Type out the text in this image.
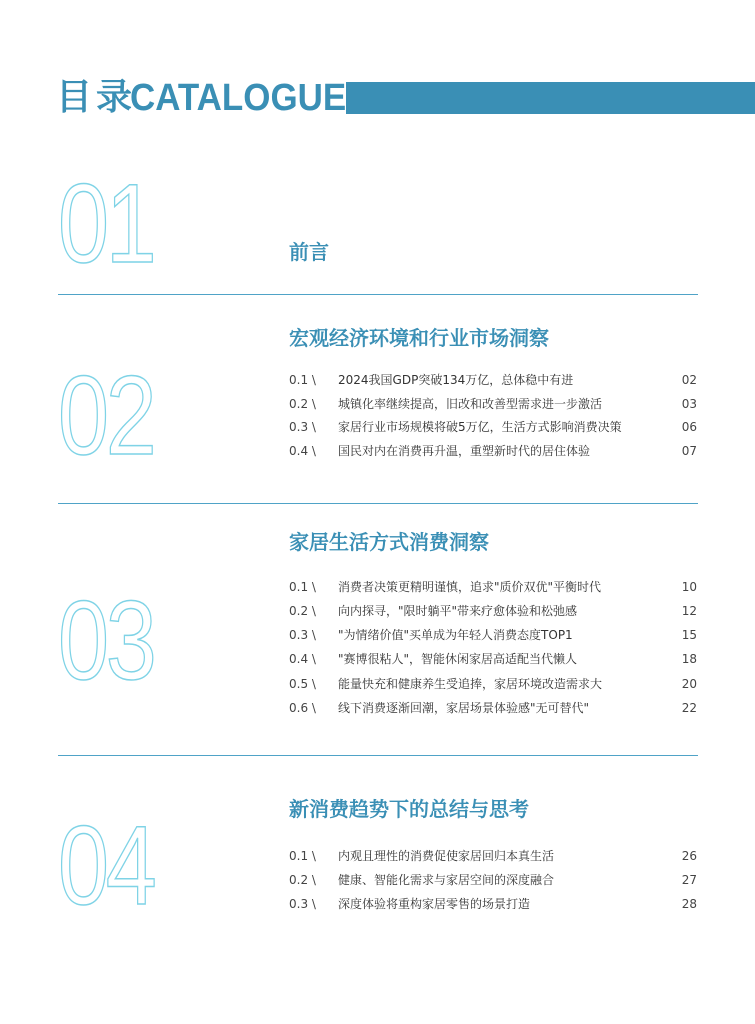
目录
CATALOGUE
01	前言
02
宏观经济环境和行业市场洞察
0.1 \ 2024我国GDP突破134万亿，总体稳中有进	02
0.2 \ 城镇化率继续提高，旧改和改善型需求进一步激活	03
0.3 \ 家居行业市场规模将破5万亿，生活方式影响消费决策	06
0.4 \ 国民对内在消费再升温，重塑新时代的居住体验	07
03
家居生活方式消费洞察
0.1 \ 消费者决策更精明谨慎，追求"质价双优"平衡时代	10
0.2 \ 向内探寻，"限时躺平"带来疗愈体验和松弛感	12
0.3 \ "为情绪价值"买单成为年轻人消费态度TOP1	15
0.4 \ "赛博很粘人"，智能休闲家居高适配当代懒人	18
0.5 \ 能量快充和健康养生受追捧，家居环境改造需求大	20
0.6 \ 线下消费逐渐回潮，家居场景体验感"无可替代"	22
04	新消费趋势下的总结与思考
0.1 \ 内观且理性的消费促使家居回归本真生活	26
0.2 \ 健康、智能化需求与家居空间的深度融合	27
0.3 \ 深度体验将重构家居零售的场景打造	28
